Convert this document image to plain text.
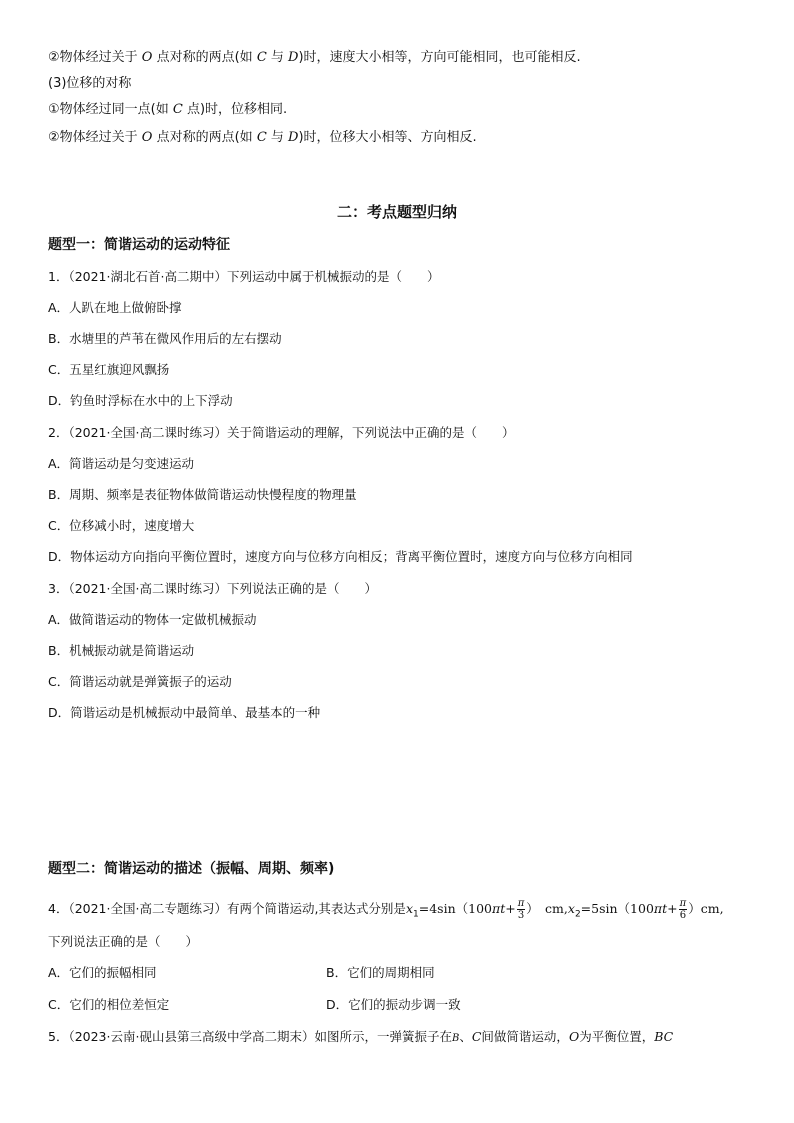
②物体经过关于 O 点对称的两点(如 C 与 D)时，速度大小相等，方向可能相同，也可能相反.
(3)位移的对称
①物体经过同一点(如 C 点)时，位移相同.
②物体经过关于 O 点对称的两点(如 C 与 D)时，位移大小相等、方向相反.
二：考点题型归纳
题型一：简谐运动的运动特征
1．（2021·湖北石首·高二期中）下列运动中属于机械振动的是（　　）
A．人趴在地上做俯卧撑
B．水塘里的芦苇在微风作用后的左右摆动
C．五星红旗迎风飘扬
D．钓鱼时浮标在水中的上下浮动
2．（2021·全国·高二课时练习）关于简谐运动的理解，下列说法中正确的是（　　）
A．简谐运动是匀变速运动
B．周期、频率是表征物体做简谐运动快慢程度的物理量
C．位移减小时，速度增大
D．物体运动方向指向平衡位置时，速度方向与位移方向相反；背离平衡位置时，速度方向与位移方向相同
3．（2021·全国·高二课时练习）下列说法正确的是（　　）
A．做简谐运动的物体一定做机械振动
B．机械振动就是简谐运动
C．简谐运动就是弹簧振子的运动
D．简谐运动是机械振动中最简单、最基本的一种
题型二：简谐运动的描述（振幅、周期、频率)
4．（2021·全国·高二专题练习）有两个简谐运动,其表达式分别是$x_1=4\sin(100\pi t+ \frac{\pi}{3}$ ）　$cm,x_2=5\sin(100\pi t+ \frac{\pi}{6} )cm$,
下列说法正确的是（　　）
A．它们的振幅相同	B．它们的周期相同
C．它们的相位差恒定	D．它们的振动步调一致
5．（2023·云南·砚山县第三高级中学高二期末）如图所示，一弹簧振子在B、C间做简谐运动，O为平衡位置，BC
